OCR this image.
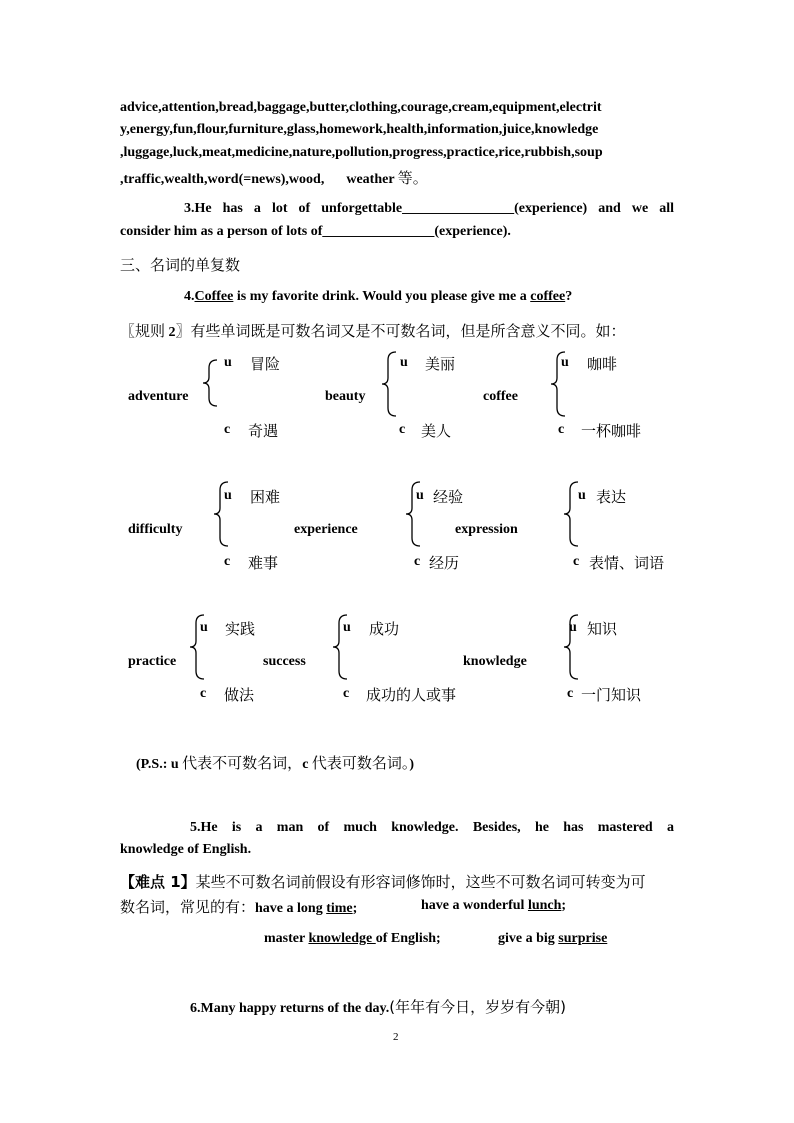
advice,attention,bread,baggage,butter,clothing,courage,cream,equipment,electrit
y,energy,fun,flour,furniture,glass,homework,health,information,juice,knowledge
,luggage,luck,meat,medicine,nature,pollution,progress,practice,rice,rubbish,soup
,traffic,wealth,word(=news),wood, weather 等。
3.He has a lot of unforgettable________________(experience) and we all
consider him as a person of lots of________________(experience).
三、名词的单复数
4.Coffee is my favorite drink. Would you please give me a coffee?
〖规则 2〗有些单词既是可数名词又是不可数名词，但是所含意义不同。如：
adventure
u 冒险
c 奇遇
beauty
u 美丽
c 美人
coffee
u 咖啡
c 一杯咖啡
difficulty
u 困难
c 难事
experience
u 经验
c 经历
expression
u 表达
c 表情、词语
practice
u 实践
c 做法
success
u 成功
c 成功的人或事
knowledge
u 知识
c 一门知识
(P.S.: u 代表不可数名词，c 代表可数名词。)
5.He is a man of much knowledge. Besides, he has mastered a
knowledge of English.
【难点 1】某些不可数名词前假设有形容词修饰时，这些不可数名词可转变为可
数名词，常见的有：have a long time;	have a wonderful lunch;
master knowledge of English;	give a big surprise
6.Many happy returns of the day.(年年有今日，岁岁有今朝)
2
